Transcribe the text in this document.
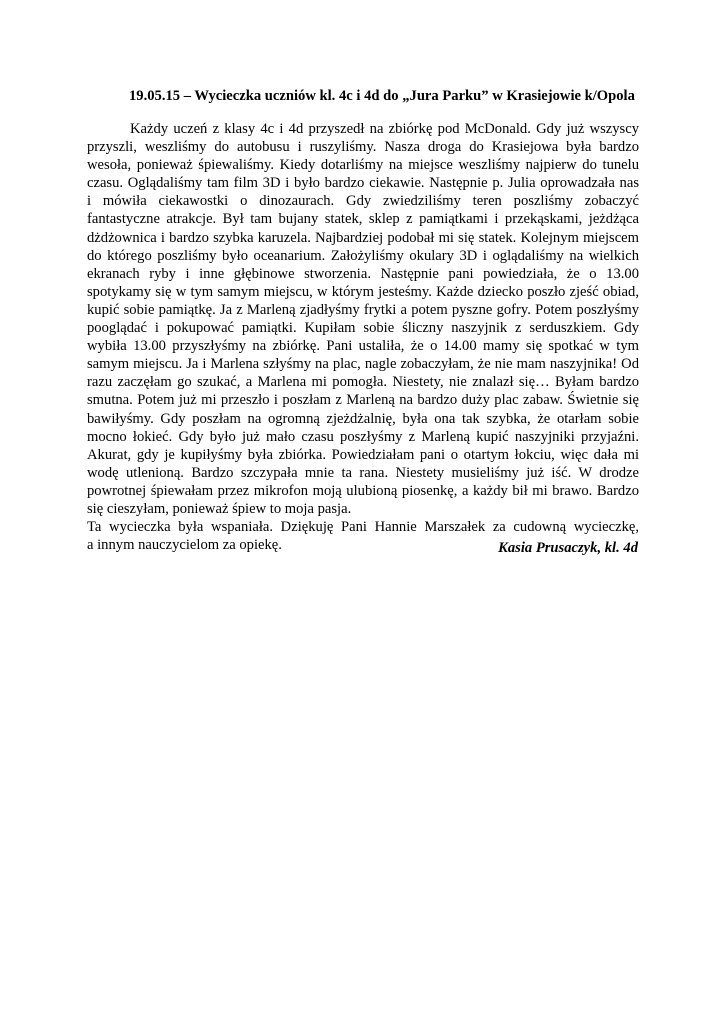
19.05.15 – Wycieczka uczniów kl. 4c i 4d do „Jura Parku” w Krasiejowie k/Opola
Każdy uczeń z klasy 4c i 4d przyszedł na zbiórkę pod McDonald. Gdy już wszyscy
przyszli, weszliśmy do autobusu i ruszyliśmy. Nasza droga do Krasiejowa była bardzo
wesoła, ponieważ śpiewaliśmy. Kiedy dotarliśmy na miejsce weszliśmy najpierw do tunelu
czasu. Oglądaliśmy tam film 3D i było bardzo ciekawie. Następnie p. Julia oprowadzała nas
i mówiła ciekawostki o dinozaurach. Gdy zwiedziliśmy teren poszliśmy zobaczyć
fantastyczne atrakcje. Był tam bujany statek, sklep z pamiątkami i przekąskami, jeżdżąca
dżdżownica i bardzo szybka karuzela. Najbardziej podobał mi się statek. Kolejnym miejscem
do którego poszliśmy było oceanarium. Założyliśmy okulary 3D i oglądaliśmy na wielkich
ekranach ryby i inne głębinowe stworzenia. Następnie pani powiedziała, że o 13.00
spotykamy się w tym samym miejscu, w którym jesteśmy. Każde dziecko poszło zjeść obiad,
kupić sobie pamiątkę. Ja z Marleną zjadłyśmy frytki a potem pyszne gofry. Potem poszłyśmy
pooglądać i pokupować pamiątki. Kupiłam sobie śliczny naszyjnik z serduszkiem. Gdy
wybiła 13.00 przyszłyśmy na zbiórkę. Pani ustaliła, że o 14.00 mamy się spotkać w tym
samym miejscu. Ja i Marlena szłyśmy na plac, nagle zobaczyłam, że nie mam naszyjnika! Od
razu zaczęłam go szukać, a Marlena mi pomogła. Niestety, nie znalazł się… Byłam bardzo
smutna. Potem już mi przeszło i poszłam z Marleną na bardzo duży plac zabaw. Świetnie się
bawiłyśmy. Gdy poszłam na ogromną zjeżdżalnię, była ona tak szybka, że otarłam sobie
mocno łokieć. Gdy było już mało czasu poszłyśmy z Marleną kupić naszyjniki przyjaźni.
Akurat, gdy je kupiłyśmy była zbiórka. Powiedziałam pani o otartym łokciu, więc dała mi
wodę utlenioną. Bardzo szczypała mnie ta rana. Niestety musieliśmy już iść. W drodze
powrotnej śpiewałam przez mikrofon moją ulubioną piosenkę, a każdy bił mi brawo. Bardzo
się cieszyłam, ponieważ śpiew to moja pasja.
Ta wycieczka była wspaniała. Dziękuję Pani Hannie Marszałek za cudowną wycieczkę,
a innym nauczycielom za opiekę.	Kasia Prusaczyk, kl. 4d
